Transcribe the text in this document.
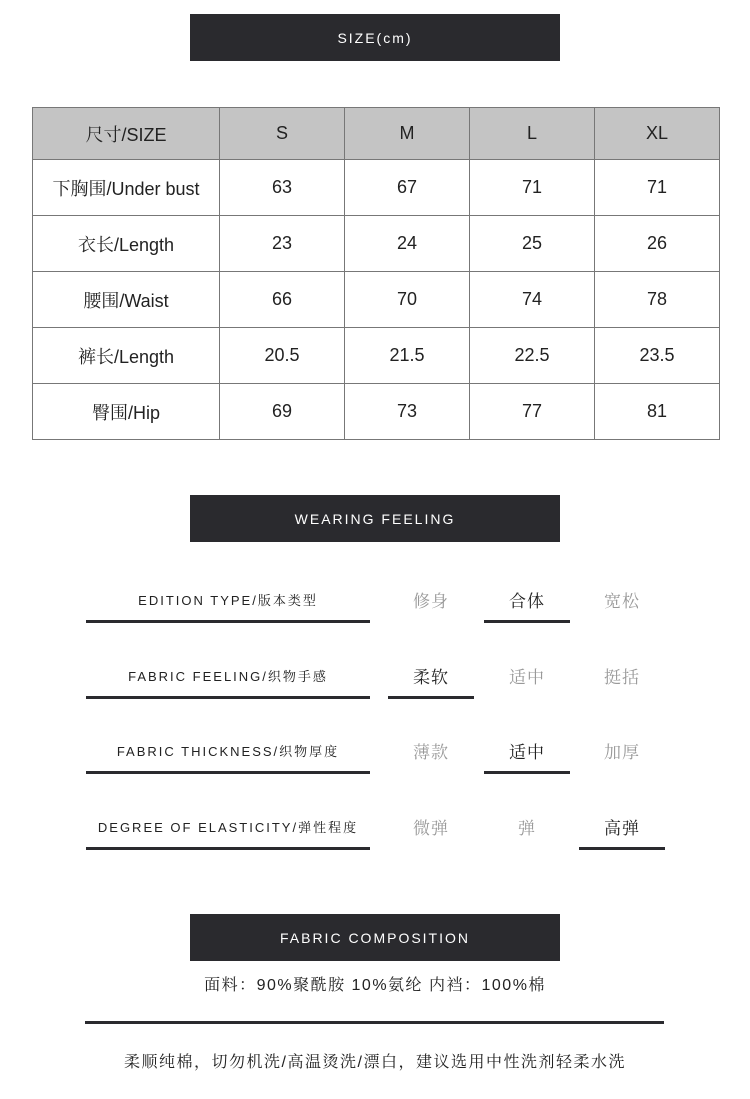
SIZE(cm)
尺寸/SIZE	S	M	L	XL
下胸围/Under bust	63	67	71	71
衣长/Length	23	24	25	26
腰围/Waist	66	70	74	78
裤长/Length	20.5	21.5	22.5	23.5
臀围/Hip	69	73	77	81
WEARING FEELING
EDITION TYPE/版本类型	修身	合体	宽松
FABRIC FEELING/织物手感	柔软	适中	挺括
FABRIC THICKNESS/织物厚度	薄款	适中	加厚
DEGREE OF ELASTICITY/弹性程度	微弹	弹	高弹
FABRIC COMPOSITION
面料：90%聚酰胺 10%氨纶 内裆：100%棉
柔顺纯棉，切勿机洗/高温烫洗/漂白，建议选用中性洗剂轻柔水洗
